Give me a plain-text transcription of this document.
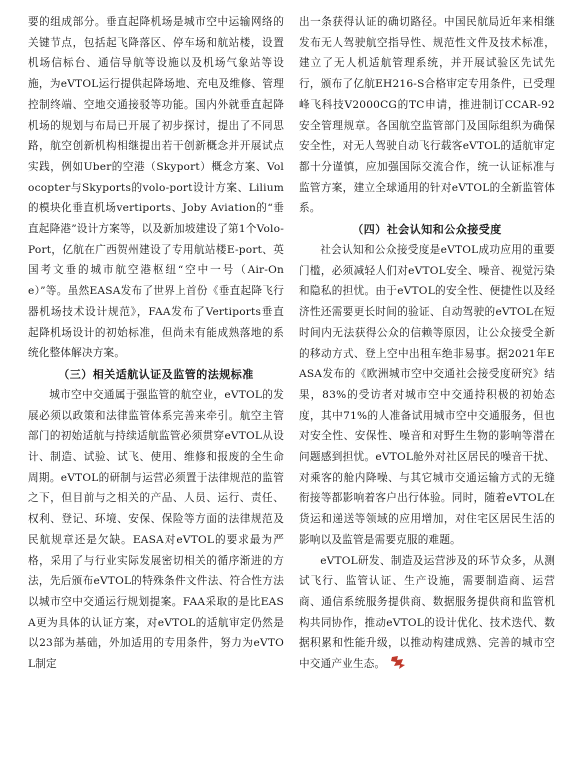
要的组成部分。垂直起降机场是城市空中运输网络的关键节点，包括起飞降落区、停车场和航站楼，设置机场信标台、通信导航等设施以及机场气象站等设施，为eVTOL运行提供起降场地、充电及维修、管理控制终端、空地交通接驳等功能。国内外就垂直起降机场的规划与布局已开展了初步探讨，提出了不同思路，航空创新机构相继提出若干创新概念并开展试点实践，例如Uber的空港（Skyport）概念方案、Volocopter与Skyports的volo-port设计方案、Lilium的模块化垂直机场vertiports、Joby Aviation的“垂直起降港”设计方案等，以及新加坡建设了第1个Volo-Port，亿航在广西贺州建设了专用航站楼E-port、英国考文垂的城市航空港枢纽“空中一号（Air-One）”等。虽然EASA发布了世界上首份《垂直起降飞行器机场技术设计规范》，FAA发布了Vertiports垂直起降机场设计的初始标准，但尚未有能成熟落地的系统化整体解决方案。

（三）相关适航认证及监管的法规标准

城市空中交通属于强监管的航空业，eVTOL的发展必须以政策和法律监管体系完善来牵引。航空主管部门的初始适航与持续适航监管必须贯穿eVTOL从设计、制造、试验、试飞、使用、维修和报废的全生命周期。eVTOL的研制与运营必须置于法律规范的监管之下，但目前与之相关的产品、人员、运行、责任、权利、登记、环境、安保、保险等方面的法律规范及民航规章还是欠缺。EASA对eVTOL的要求最为严格，采用了与行业实际发展密切相关的循序渐进的方法，先后颁布eVTOL的特殊条件文件法、符合性方法以城市空中交通运行规划提案。FAA采取的是比EASA更为具体的认证方案，对eVTOL的适航审定仍然是以23部为基础，外加适用的专用条件，努力为eVTOL制定

出一条获得认证的确切路径。中国民航局近年来相继发布无人驾驶航空指导性、规范性文件及技术标准，建立了无人机适航管理系统，并开展试验区先试先行，颁布了亿航EH216-S合格审定专用条件，已受理峰飞科技V2000CG的TC申请，推进制订CCAR-92安全管理规章。各国航空监管部门及国际组织为确保安全性，对无人驾驶自动飞行载客eVTOL的适航审定都十分谨慎，应加强国际交流合作，统一认证标准与监管方案，建立全球通用的针对eVTOL的全新监管体系。

（四）社会认知和公众接受度

社会认知和公众接受度是eVTOL成功应用的重要门槛，必须减轻人们对eVTOL安全、噪音、视觉污染和隐私的担忧。由于eVTOL的安全性、便捷性以及经济性还需要更长时间的验证、自动驾驶的eVTOL在短时间内无法获得公众的信赖等原因，让公众接受全新的移动方式、登上空中出租车绝非易事。据2021年EASA发布的《欧洲城市空中交通社会接受度研究》结果，83%的受访者对城市空中交通持积极的初始态度，其中71%的人准备试用城市空中交通服务，但也对安全性、安保性、噪音和对野生生物的影响等潜在问题感到担忧。eVTOL舱外对社区居民的噪音干扰、对乘客的舱内降噪、与其它城市交通运输方式的无缝衔接等都影响着客户出行体验。同时，随着eVTOL在货运和递送等领域的应用增加，对住宅区居民生活的影响以及监管是需要克服的难题。

eVTOL研发、制造及运营涉及的环节众多，从测试飞行、监管认证、生产设施，需要制造商、运营商、通信系统服务提供商、数据服务提供商和监管机构共同协作，推动eVTOL的设计优化、技术迭代、数据积累和性能升级，以推动构建成熟、完善的城市空中交通产业生态。
